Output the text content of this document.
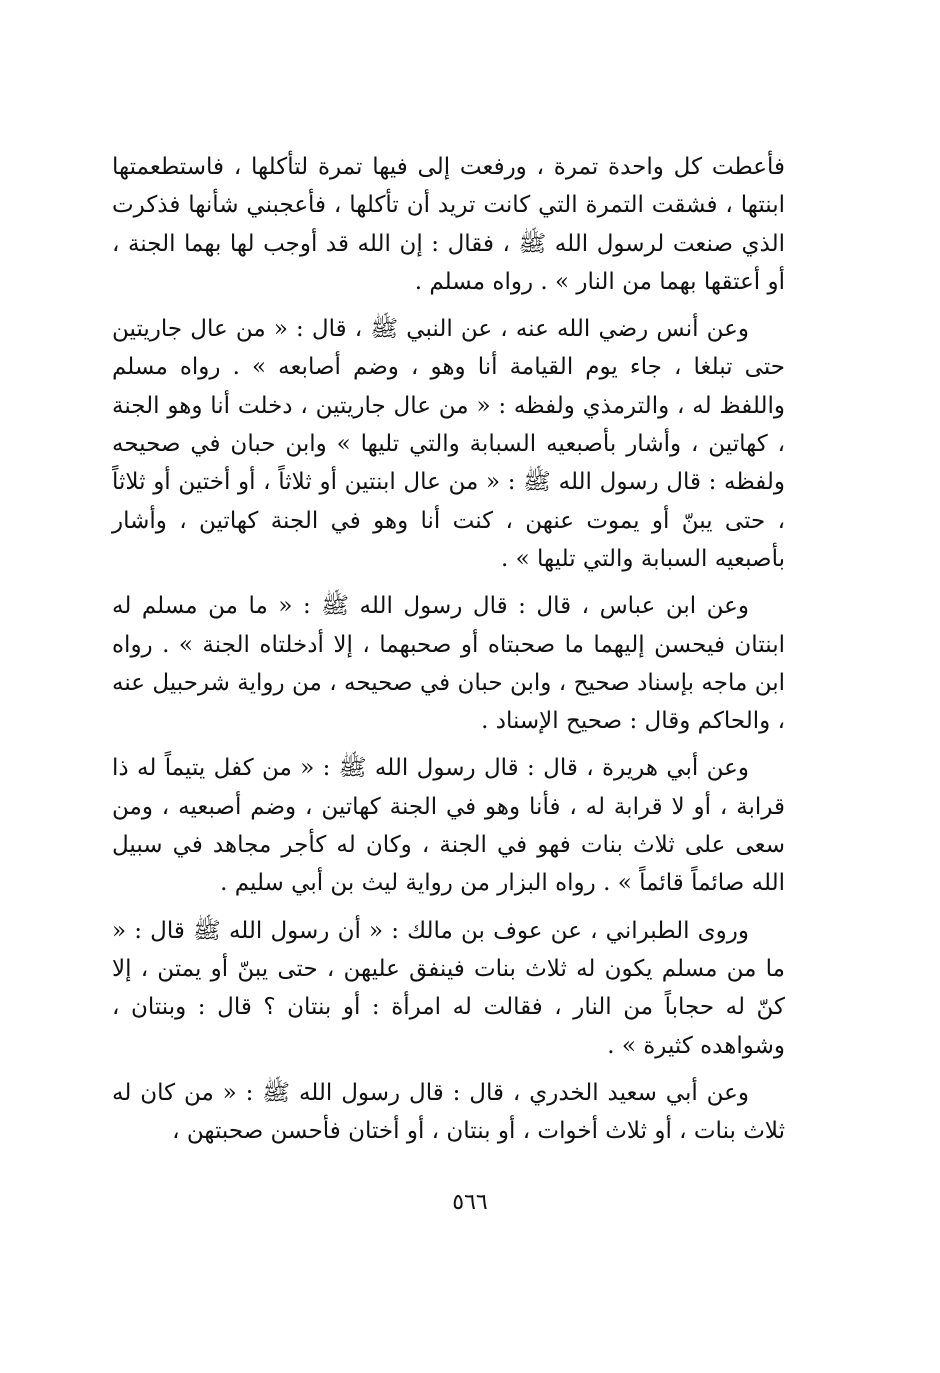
فأعطت كل واحدة تمرة ، ورفعت إلى فيها تمرة لتأكلها ، فاستطعمتها ابنتها ، فشقت التمرة التي كانت تريد أن تأكلها ، فأعجبني شأنها فذكرت الذي صنعت لرسول الله ﷺ ، فقال : إن الله قد أوجب لها بهما الجنة ، أو أعتقها بهما من النار » . رواه مسلم .

وعن أنس رضي الله عنه ، عن النبي ﷺ ، قال : « من عال جاريتين حتى تبلغا ، جاء يوم القيامة أنا وهو ، وضم أصابعه » . رواه مسلم واللفظ له ، والترمذي ولفظه : « من عال جاريتين ، دخلت أنا وهو الجنة ، كهاتين ، وأشار بأصبعيه السبابة والتي تليها » وابن حبان في صحيحه ولفظه : قال رسول الله ﷺ : « من عال ابنتين أو ثلاثاً ، أو أختين أو ثلاثاً ، حتى يبنّ أو يموت عنهن ، كنت أنا وهو في الجنة كهاتين ، وأشار بأصبعيه السبابة والتي تليها » .

وعن ابن عباس ، قال : قال رسول الله ﷺ : « ما من مسلم له ابنتان فيحسن إليهما ما صحبتاه أو صحبهما ، إلا أدخلتاه الجنة » . رواه ابن ماجه بإسناد صحيح ، وابن حبان في صحيحه ، من رواية شرحبيل عنه ، والحاكم وقال : صحيح الإسناد .

وعن أبي هريرة ، قال : قال رسول الله ﷺ : « من كفل يتيماً له ذا قرابة ، أو لا قرابة له ، فأنا وهو في الجنة كهاتين ، وضم أصبعيه ، ومن سعى على ثلاث بنات فهو في الجنة ، وكان له كأجر مجاهد في سبيل الله صائماً قائماً » . رواه البزار من رواية ليث بن أبي سليم .

وروى الطبراني ، عن عوف بن مالك : « أن رسول الله ﷺ قال : « ما من مسلم يكون له ثلاث بنات فينفق عليهن ، حتى يبنّ أو يمتن ، إلا كنّ له حجاباً من النار ، فقالت له امرأة : أو بنتان ؟ قال : وبنتان ، وشواهده كثيرة » .

وعن أبي سعيد الخدري ، قال : قال رسول الله ﷺ : « من كان له ثلاث بنات ، أو ثلاث أخوات ، أو بنتان ، أو أختان فأحسن صحبتهن ،

٥٦٦
